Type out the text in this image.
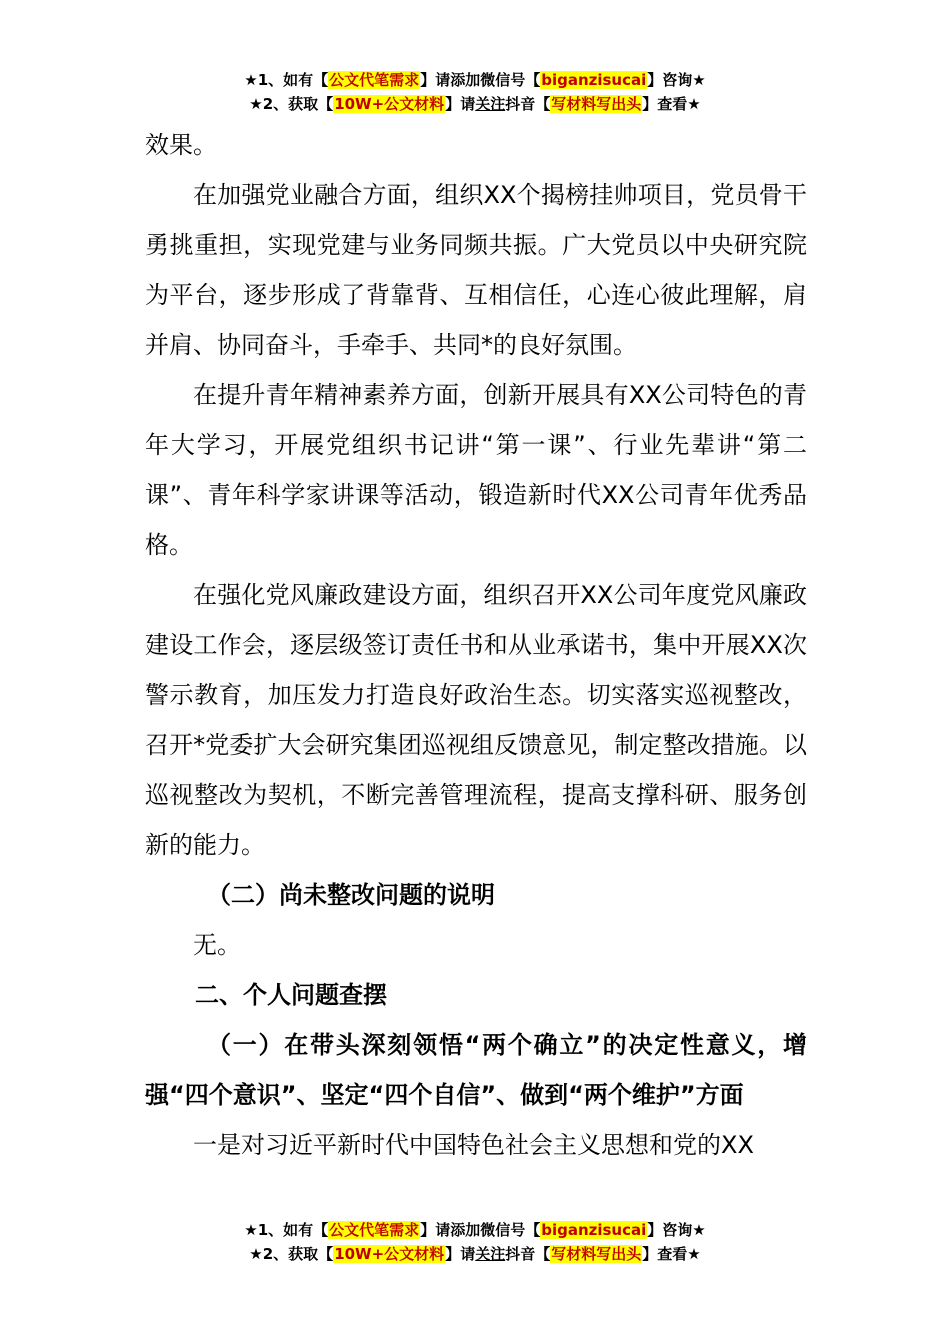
★1、如有【公文代笔需求】请添加微信号【biganzisucai】咨询★
★2、获取【10W+公文材料】请关注抖音【写材料写出头】查看★

效果。

在加强党业融合方面，组织XX个揭榜挂帅项目，党员骨干勇挑重担，实现党建与业务同频共振。广大党员以中央研究院为平台，逐步形成了背靠背、互相信任，心连心彼此理解，肩并肩、协同奋斗，手牵手、共同*的良好氛围。

在提升青年精神素养方面，创新开展具有XX公司特色的青年大学习，开展党组织书记讲“第一课”、行业先辈讲“第二课”、青年科学家讲课等活动，锻造新时代XX公司青年优秀品格。

在强化党风廉政建设方面，组织召开XX公司年度党风廉政建设工作会，逐层级签订责任书和从业承诺书，集中开展XX次警示教育，加压发力打造良好政治生态。切实落实巡视整改，召开*党委扩大会研究集团巡视组反馈意见，制定整改措施。以巡视整改为契机，不断完善管理流程，提高支撑科研、服务创新的能力。

（二）尚未整改问题的说明

无。

二、个人问题查摆

（一）在带头深刻领悟“两个确立”的决定性意义，增强“四个意识”、坚定“四个自信”、做到“两个维护”方面

一是对习近平新时代中国特色社会主义思想和党的XX

★1、如有【公文代笔需求】请添加微信号【biganzisucai】咨询★
★2、获取【10W+公文材料】请关注抖音【写材料写出头】查看★
